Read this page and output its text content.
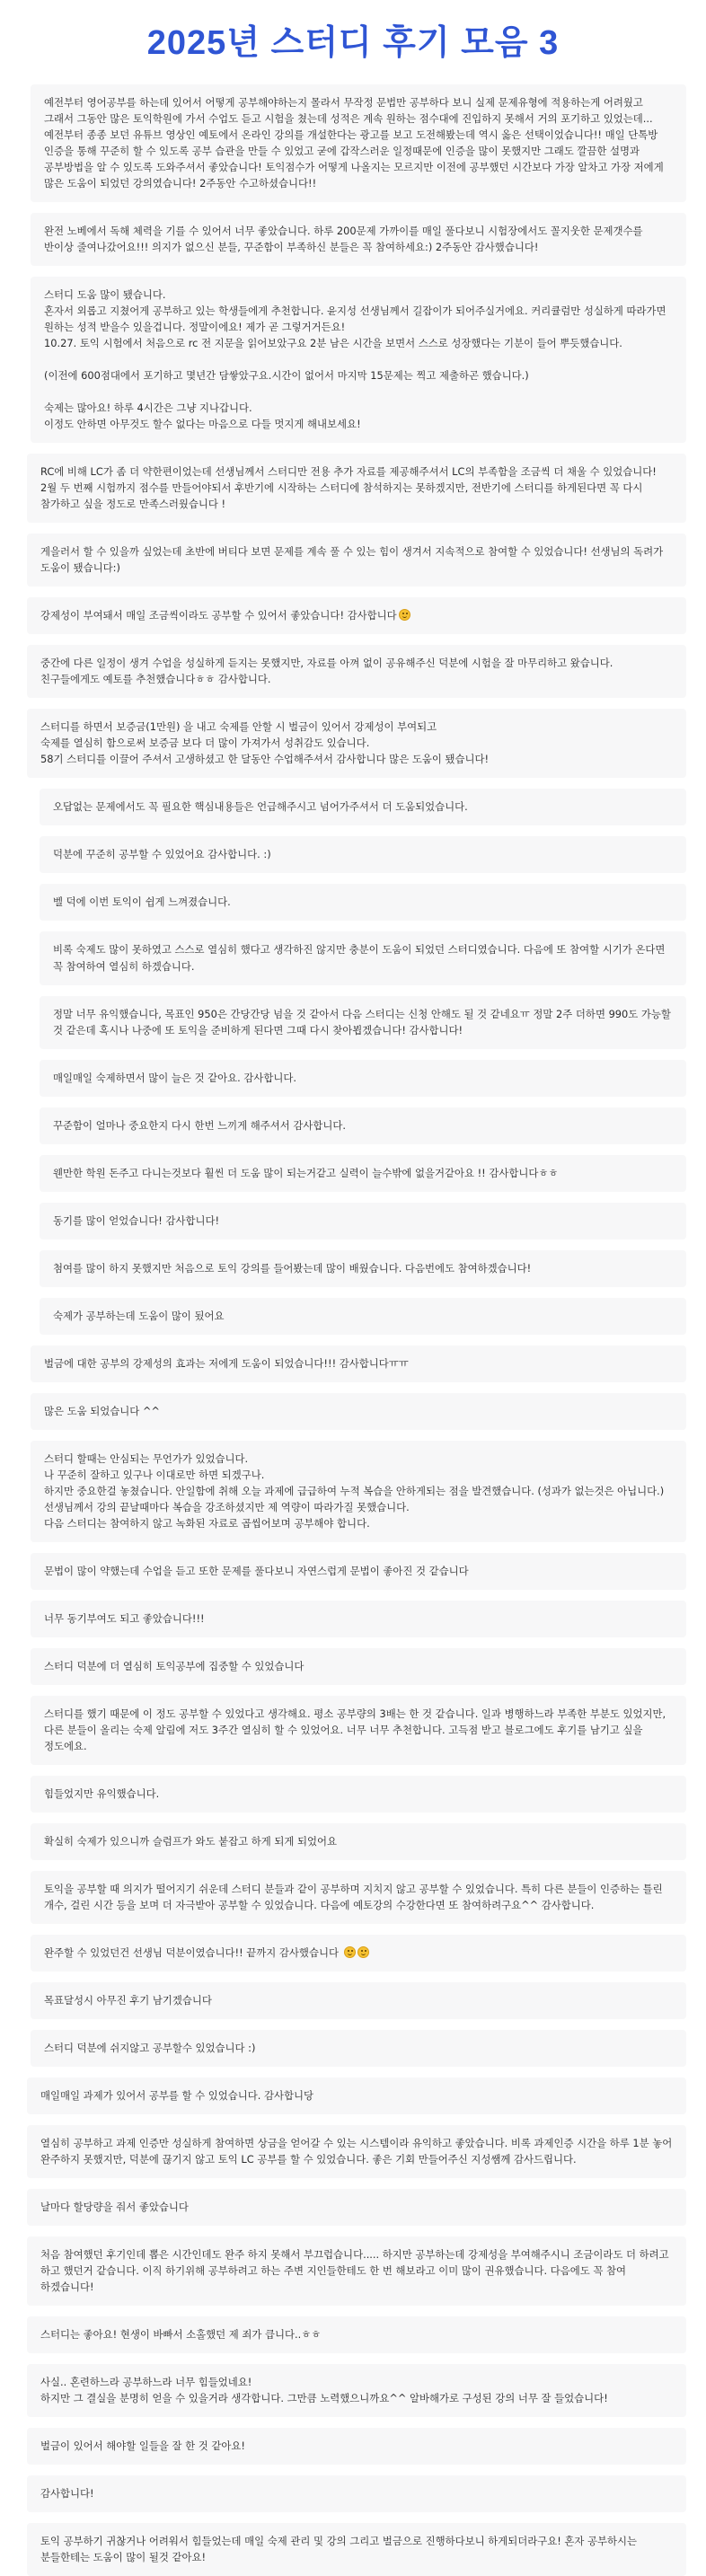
2025년 스터디 후기 모음 3
예전부터 영어공부를 하는데 있어서 어떻게 공부해야하는지 몰라서 무작정 문법만 공부하다 보니 실제 문제유형에 적용하는게 어려웠고 그래서 그동안 많은 토익학원에 가서 수업도 듣고 시험을 쳤는데 성적은 계속 원하는 점수대에 진입하지 못해서 거의 포기하고 있었는데... 예전부터 종종 보던 유튜브 영상인 예토에서 온라인 강의를 개설한다는 광고를 보고 도전해봤는데 역시 옳은 선택이었습니다!! 매일 단톡방 인증을 통해 꾸준히 할 수 있도록 공부 습관을 만들 수 있었고 굳에 갑작스러운 일정때문에 인증을 많이 못했지만 그래도 깔끔한 설명과 공부방법을 알 수 있도록 도와주셔서 좋았습니다! 토익점수가 어떻게 나올지는 모르지만 이전에 공부했던 시간보다 가장 알차고 가장 저에게 많은 도움이 되었던 강의였습니다! 2주동안 수고하셨습니다!!
완전 노베에서 독해 체력을 기를 수 있어서 너무 좋았습니다. 하루 200문제 가까이를 매일 풀다보니 시험장에서도 꼴지웃한 문제갯수를 반이상 줄여나갔어요!!! 의지가 없으신 분들, 꾸준함이 부족하신 분들은 꼭 참여하세요:) 2주동안 감사했습니다!
스터디 도움 많이 됐습니다.
혼자서 외롭고 지쳤어게 공부하고 있는 학생들에게 추천합니다. 윤지성 선생님께서 길잡이가 되어주실거에요. 커리큘럼만 성실하게 따라가면 원하는 성적 받을수 있을겁니다. 정말이에요! 제가 곧 그렇거거든요!
10.27. 토익 시험에서 처음으로 rc 전 지문을 읽어보았구요 2분 남은 시간을 보면서 스스로 성장했다는 기분이 들어 뿌듯했습니다.

(이전에 600점대에서 포기하고 몇년간 담쌓았구요.시간이 없어서 마지막 15문제는 찍고 제출하곤 했습니다.)

숙제는 많아요! 하루 4시간은 그냥 지나갑니다.
이정도 안하면 아무것도 할수 없다는 마음으로 다들 멋지게 해내보세요!
RC에 비해 LC가 좀 더 약한편이었는데 선생님께서 스터디만 전용 추가 자료를 제공해주셔서 LC의 부족함을 조금씩 더 채울 수 있었습니다! 2월 두 번째 시험까지 점수를 만들어야되서 후반기에 시작하는 스터디에 참석하지는 못하겠지만, 전반기에 스터디를 하게된다면 꼭 다시 참가하고 싶을 정도로 만족스러웠습니다 !
게을러서 할 수 있을까 싶었는데 초반에 버티다 보면 문제를 계속 풀 수 있는 힘이 생겨서 지속적으로 참여할 수 있었습니다! 선생님의 독려가 도움이 됐습니다:)
강제성이 부여돼서 매일 조금씩이라도 공부할 수 있어서 좋았습니다! 감사합니다
중간에 다른 일정이 생겨 수업을 성실하게 듣지는 못했지만, 자료를 아껴 없이 공유해주신 덕분에 시험을 잘 마무리하고 왔습니다. 친구들에게도 예토를 추천했습니다ㅎㅎ 감사합니다.
스터디를 하면서 보증금(1만원) 을 내고 숙제를 안할 시 벌금이 있어서 강제성이 부여되고
숙제를 열심히 함으로써 보증금 보다 더 많이 가져가서 성취감도 있습니다.
58기 스터디를 이끌어 주셔서 고생하셨고 한 달동안 수업해주셔서 감사합니다 많은 도움이 됐습니다!
오답없는 문제에서도 꼭 필요한 핵심내용들은 언급해주시고 넘어가주셔서 더 도움되었습니다.
덕분에 꾸준히 공부할 수 있었어요 감사합니다. :)
벨 덕에 이번 토익이 쉽게 느껴졌습니다.
비록 숙제도 많이 못하였고 스스로 열심히 했다고 생각하진 않지만 충분이 도움이 되었던 스터디였습니다. 다음에 또 참여할 시기가 온다면 꼭 참여하여 열심히 하겠습니다.
정말 너무 유익했습니다, 목표인 950은 간당간당 넘을 것 같아서 다음 스터디는 신청 안해도 될 것 같네요ㅠ 정말 2주 더하면 990도 가능할 것 같은데 혹시나 나중에 또 토익을 준비하게 된다면 그때 다시 찾아뵙겠습니다! 감사합니다!
매일매일 숙제하면서 많이 늘은 것 같아요. 감사합니다.
꾸준함이 얼마나 중요한지 다시 한번 느끼게 해주셔서 감사합니다.
웬만한 학원 돈주고 다니는것보다 훨씬 더 도움 많이 되는거같고 실력이 늘수밖에 없을거같아요 !! 감사합니다ㅎㅎ
동기를 많이 얻었습니다! 감사합니다!
첨여를 많이 하지 못했지만 처음으로 토익 강의를 들어봤는데 많이 배웠습니다. 다음번에도 참여하겠습니다!
숙제가 공부하는데 도움이 많이 됬어요
벌금에 대한 공부의 강제성의 효과는 저에게 도움이 되었습니다!!! 감사합니다ㅠㅠ
많은 도움 되었습니다 ^^
스터디 할때는 안심되는 무언가가 있었습니다.
나 꾸준히 잘하고 있구나 이대로만 하면 되겠구나.
하지만 중요한걸 놓쳤습니다. 안일함에 취해 오늘 과제에 급급하여 누적 복습을 안하게되는 점을 발견했습니다. (성과가 없는것은 아닙니다.) 선생님께서 강의 끝날때마다 복습을 강조하셨지만 제 역량이 따라가질 못했습니다.
다음 스터디는 참여하지 않고 녹화된 자료로 곱씹어보며 공부해야 합니다.
문법이 많이 약했는데 수업을 듣고 또한 문제를 풀다보니 자연스럽게 문법이 좋아진 것 같습니다
너무 동기부여도 되고 좋았습니다!!!
스터디 덕분에 더 열심히 토익공부에 집중할 수 있었습니다
스터디를 했기 때문에 이 정도 공부할 수 있었다고 생각해요. 평소 공부량의 3배는 한 것 같습니다. 일과 병행하느라 부족한 부분도 있었지만, 다른 분들이 올리는 숙제 알림에 저도 3주간 열심히 할 수 있었어요. 너무 너무 추천합니다. 고득점 받고 블로그에도 후기를 남기고 싶을 정도에요.
힘들었지만 유익했습니다.
확실히 숙제가 있으니까 슬럼프가 와도 붙잡고 하게 되게 되었어요
토익을 공부할 때 의지가 떨어지기 쉬운데 스터디 분들과 같이 공부하며 지치지 않고 공부할 수 있었습니다. 특히 다른 분들이 인증하는 틀린 개수, 걸린 시간 등을 보며 더 자극받아 공부할 수 있었습니다. 다음에 예토강의 수강한다면 또 참여하려구요^^ 감사합니다.
완주할 수 있었던건 선생님 덕분이였습니다!! 끝까지 감사했습니다
목표달성시 아무진 후기 남기겠습니다
스터디 덕분에 쉬지않고 공부할수 있었습니다 :)
매일매일 과제가 있어서 공부를 할 수 있었습니다. 감사합니당
열심히 공부하고 과제 인증만 성실하게 참여하면 상금을 얻어갈 수 있는 시스템이라 유익하고 좋았습니다. 비록 과제인증 시간을 하루 1분 놓어 완주하지 못했지만, 덕분에 끊기지 않고 토익 LC 공부를 할 수 있었습니다. 좋은 기회 만들어주신 지성쌤께 감사드립니다.
날마다 할당량을 줘서 좋았습니다
처음 참여했던 후기인데 뽑은 시간인데도 완주 하지 못해서 부끄럽습니다..... 하지만 공부하는데 강제성을 부여해주시니 조금이라도 더 하려고 하고 했던거 같습니다. 이직 하기위해 공부하려고 하는 주변 지인들한테도 한 번 해보라고 이미 많이 권유했습니다. 다음에도 꼭 참여 하겠습니다!
스터디는 좋아요! 현생이 바빠서 소홀했던 제 죄가 큽니다..ㅎㅎ
사실.. 혼련하느라 공부하느라 너무 힘들었네요!
하지만 그 결실을 분명히 얻을 수 있을거라 생각합니다. 그만큼 노력했으니까요^^ 알바해가로 구성된 강의 너무 잘 들었습니다!
벌금이 있어서 해야할 일들을 잘 한 것 같아요!
감사합니다!
토익 공부하기 귀찮거나 어려워서 힘들었는데 매일 숙제 관리 및 강의 그리고 벌금으로 진행하다보니 하게되더라구요! 혼자 공부하시는 분들한테는 도움이 많이 될것 같아요!
